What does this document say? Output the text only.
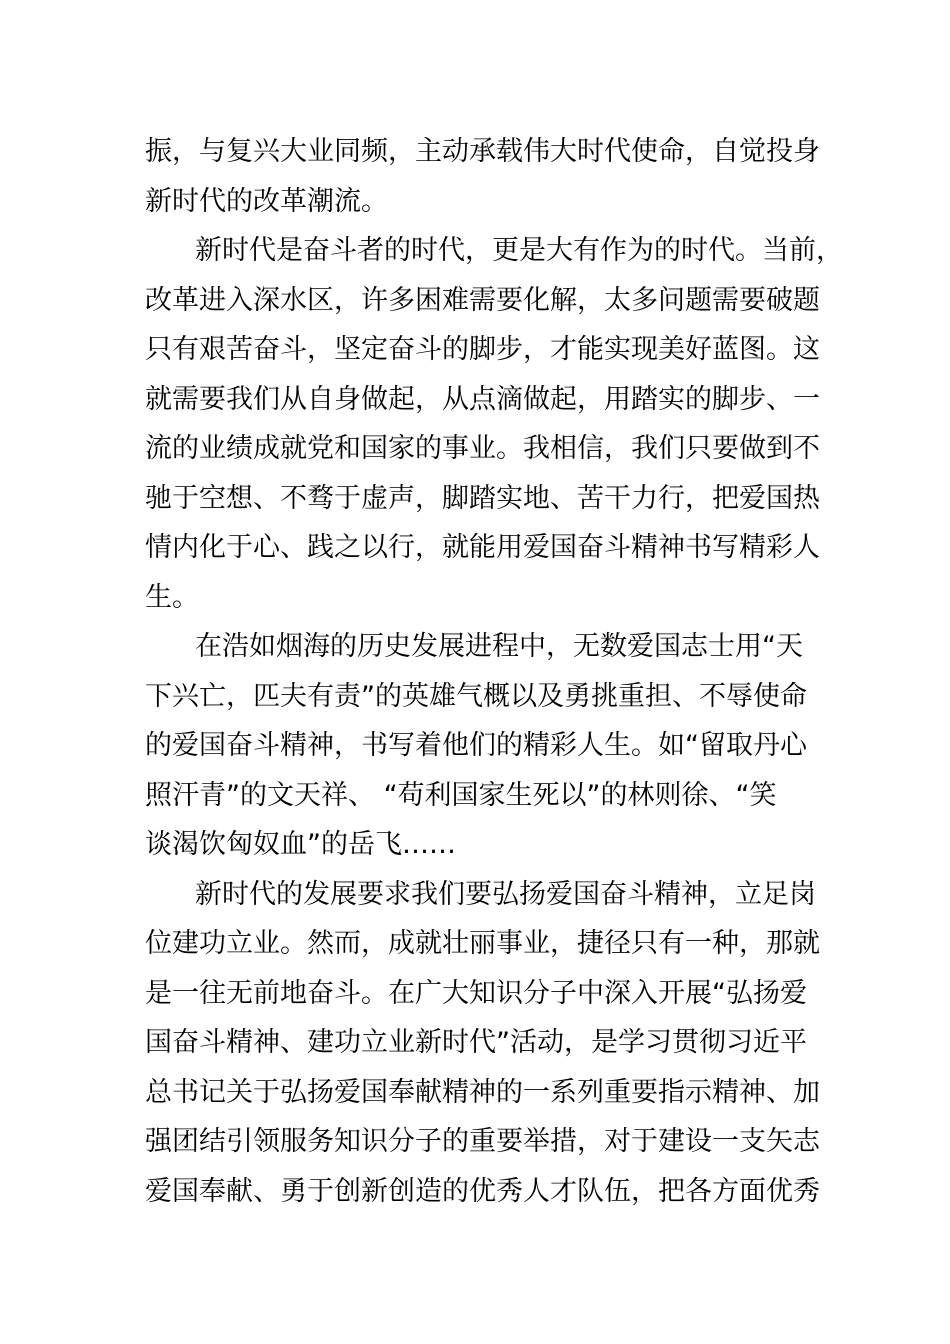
振，与复兴大业同频，主动承载伟大时代使命，自觉投身
新时代的改革潮流。
新时代是奋斗者的时代，更是大有作为的时代。当前，
改革进入深水区，许多困难需要化解，太多问题需要破题
只有艰苦奋斗，坚定奋斗的脚步，才能实现美好蓝图。这
就需要我们从自身做起，从点滴做起，用踏实的脚步、一
流的业绩成就党和国家的事业。我相信，我们只要做到不
驰于空想、不骛于虚声，脚踏实地、苦干力行，把爱国热
情内化于心、践之以行，就能用爱国奋斗精神书写精彩人
生。
在浩如烟海的历史发展进程中，无数爱国志士用“天
下兴亡，匹夫有责”的英雄气概以及勇挑重担、不辱使命
的爱国奋斗精神，书写着他们的精彩人生。如“留取丹心
照汗青”的文天祥、 “苟利国家生死以”的林则徐、“笑
谈渴饮匈奴血”的岳飞……
新时代的发展要求我们要弘扬爱国奋斗精神，立足岗
位建功立业。然而，成就壮丽事业，捷径只有一种，那就
是一往无前地奋斗。在广大知识分子中深入开展“弘扬爱
国奋斗精神、建功立业新时代”活动，是学习贯彻习近平
总书记关于弘扬爱国奉献精神的一系列重要指示精神、加
强团结引领服务知识分子的重要举措，对于建设一支矢志
爱国奉献、勇于创新创造的优秀人才队伍，把各方面优秀
